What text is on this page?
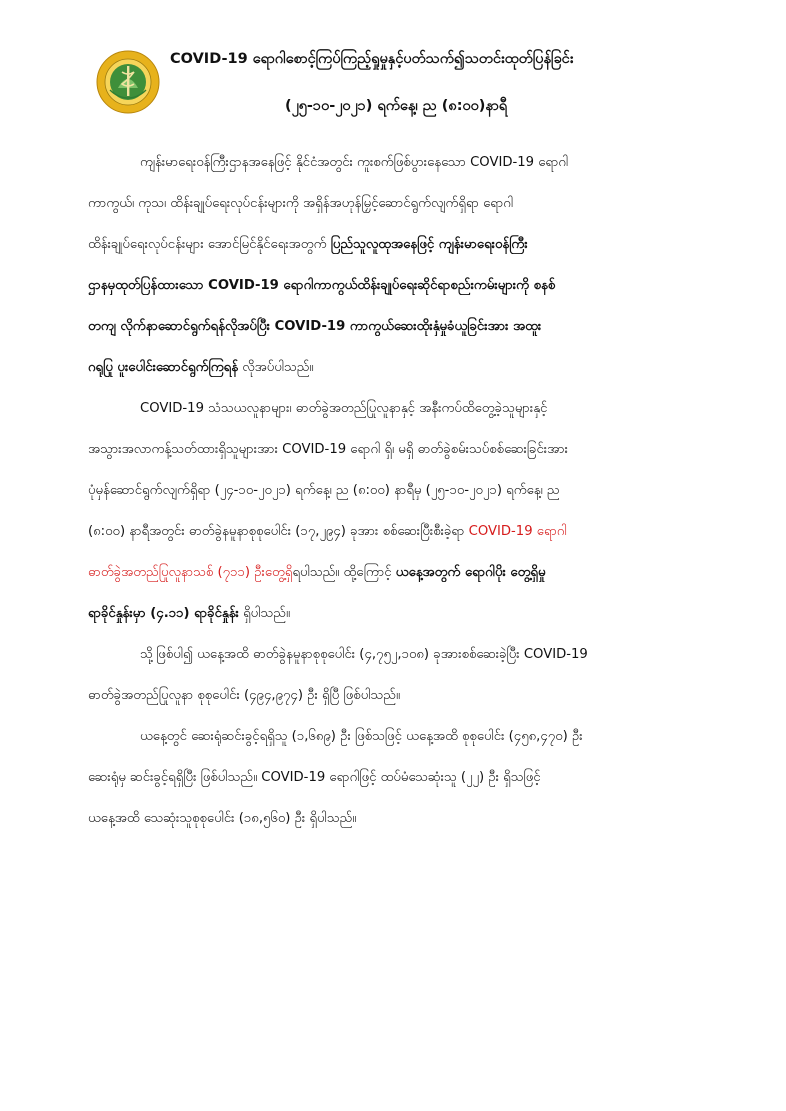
COVID-19 ရောဂါစောင့်ကြပ်ကြည့်ရှုမှုနှင့်ပတ်သက်၍သတင်းထုတ်ပြန်ခြင်း
(၂၅-၁၀-၂၀၂၁) ရက်နေ့၊ ည (၈:၀၀)နာရီ
ကျန်းမာရေးဝန်ကြီးဌာနအနေဖြင့် နိုင်ငံအတွင်း ကူးစက်ဖြစ်ပွားနေသော COVID-19 ရောဂါ
ကာကွယ်၊ ကုသ၊ ထိန်းချုပ်ရေးလုပ်ငန်းများကို အရှိန်အဟုန်မြှင့်ဆောင်ရွက်လျက်ရှိရာ ရောဂါ
ထိန်းချုပ်ရေးလုပ်ငန်းများ အောင်မြင်နိုင်ရေးအတွက် ပြည်သူလူထုအနေဖြင့် ကျန်းမာရေးဝန်ကြီး
ဌာနမှထုတ်ပြန်ထားသော COVID-19 ရောဂါကာကွယ်ထိန်းချုပ်ရေးဆိုင်ရာစည်းကမ်းများကို စနစ်
တကျ လိုက်နာဆောင်ရွက်ရန်လိုအပ်ပြီး COVID-19 ကာကွယ်ဆေးထိုးနှံမှုခံယူခြင်းအား အထူး
ဂရုပြု ပူးပေါင်းဆောင်ရွက်ကြရန် လိုအပ်ပါသည်။
COVID-19 သံသယလူနာများ၊ ဓာတ်ခွဲအတည်ပြုလူနာနှင့် အနီးကပ်ထိတွေ့ခဲ့သူများနှင့်
အသွားအလာကန့်သတ်ထားရှိသူများအား COVID-19 ရောဂါ ရှိ၊ မရှိ ဓာတ်ခွဲစမ်းသပ်စစ်ဆေးခြင်းအား
ပုံမှန်ဆောင်ရွက်လျက်ရှိရာ (၂၄-၁၀-၂၀၂၁) ရက်နေ့၊ ည (၈:၀၀) နာရီမှ (၂၅-၁၀-၂၀၂၁) ရက်နေ့၊ ည
(၈:၀၀) နာရီအတွင်း ဓာတ်ခွဲနမူနာစုစုပေါင်း (၁၇,၂၉၄) ခုအား စစ်ဆေးပြီးစီးခဲ့ရာ COVID-19 ရောဂါ
ဓာတ်ခွဲအတည်ပြုလူနာသစ် (၇၁၁) ဦးတွေ့ရှိရပါသည်။ ထို့ကြောင့် ယနေ့အတွက် ရောဂါပိုး တွေ့ရှိမှု
ရာခိုင်နှုန်းမှာ (၄.၁၁) ရာခိုင်နှုန်း ရှိပါသည်။
သို့ဖြစ်ပါ၍ ယနေ့အထိ ဓာတ်ခွဲနမူနာစုစုပေါင်း (၄,၇၅၂,၁၀၈) ခုအားစစ်ဆေးခဲ့ပြီး COVID-19
ဓာတ်ခွဲအတည်ပြုလူနာ စုစုပေါင်း (၄၉၄,၉၇၄) ဦး ရှိပြီ ဖြစ်ပါသည်။
ယနေ့တွင် ဆေးရုံဆင်းခွင့်ရရှိသူ (၁,၆၈၉) ဦး ဖြစ်သဖြင့် ယနေ့အထိ စုစုပေါင်း (၄၅၈,၄၇၀) ဦး
ဆေးရုံမှ ဆင်းခွင့်ရရှိပြီး ဖြစ်ပါသည်။ COVID-19 ရောဂါဖြင့် ထပ်မံသေဆုံးသူ (၂၂) ဦး ရှိသဖြင့်
ယနေ့အထိ သေဆုံးသူစုစုပေါင်း (၁၈,၅၆၀) ဦး ရှိပါသည်။
